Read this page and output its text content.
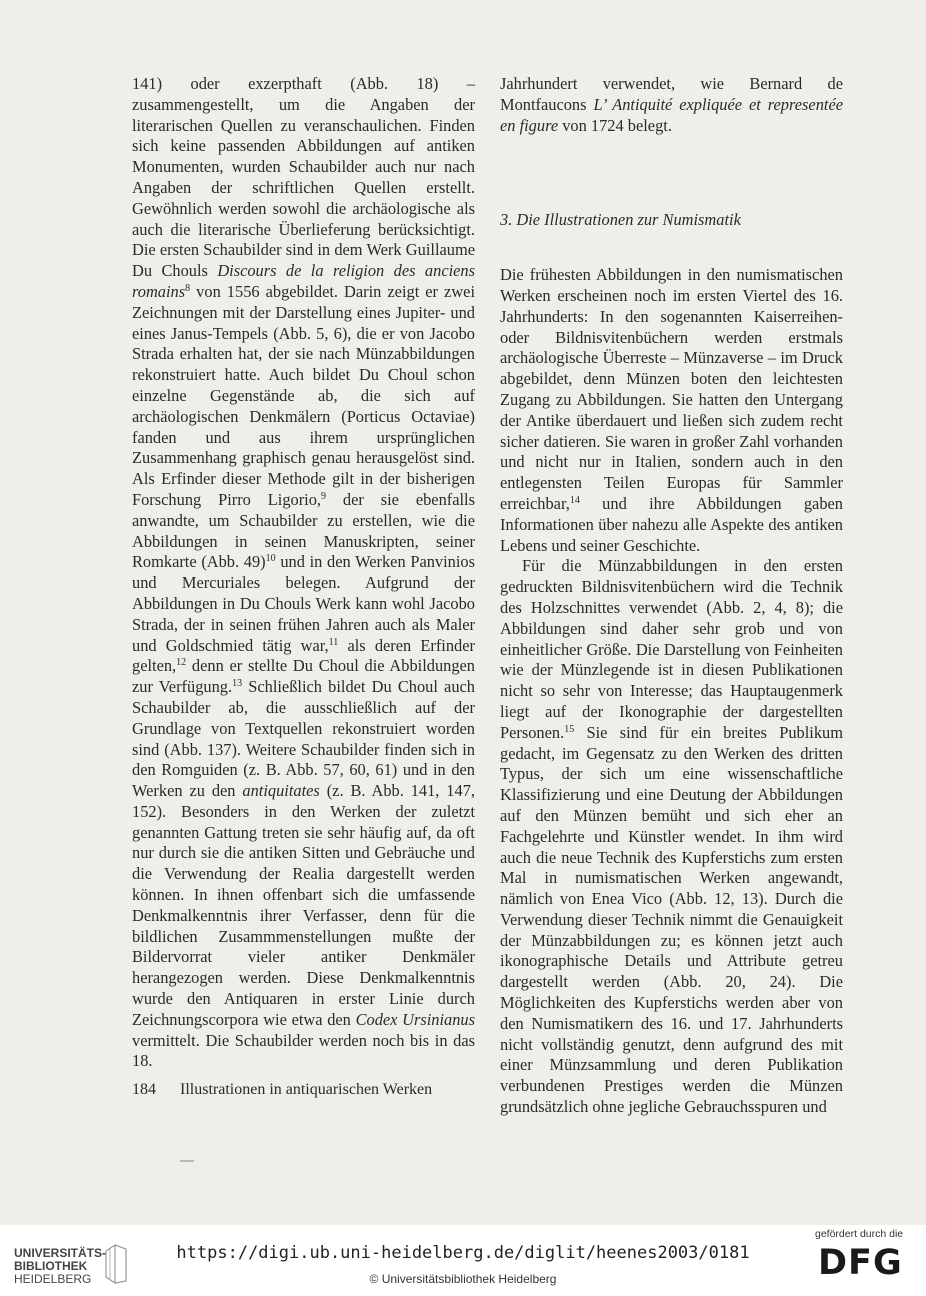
141) oder exzerpthaft (Abb. 18) – zusammengestellt, um die Angaben der literarischen Quellen zu veranschaulichen. Finden sich keine passenden Abbildungen auf antiken Monumenten, wurden Schaubilder auch nur nach Angaben der schriftlichen Quellen erstellt. Gewöhnlich werden sowohl die archäologische als auch die literarische Überlieferung berücksichtigt. Die ersten Schaubilder sind in dem Werk Guillaume Du Chouls Discours de la religion des anciens romains$^8$ von 1556 abgebildet. Darin zeigt er zwei Zeichnungen mit der Darstellung eines Jupiter- und eines Janus-Tempels (Abb. 5, 6), die er von Jacobo Strada erhalten hat, der sie nach Münzabbildungen rekonstruiert hatte. Auch bildet Du Choul schon einzelne Gegenstände ab, die sich auf archäologischen Denkmälern (Porticus Octaviae) fanden und aus ihrem ursprünglichen Zusammenhang graphisch genau herausgelöst sind. Als Erfinder dieser Methode gilt in der bisherigen Forschung Pirro Ligorio,$^9$ der sie ebenfalls anwandte, um Schaubilder zu erstellen, wie die Abbildungen in seinen Manuskripten, seiner Romkarte (Abb. 49)$^{10}$ und in den Werken Panvinios und Mercuriales belegen. Aufgrund der Abbildungen in Du Chouls Werk kann wohl Jacobo Strada, der in seinen frühen Jahren auch als Maler und Goldschmied tätig war,$^{11}$ als deren Erfinder gelten,$^{12}$ denn er stellte Du Choul die Abbildungen zur Verfügung.$^{13}$ Schließlich bildet Du Choul auch Schaubilder ab, die ausschließlich auf der Grundlage von Textquellen rekonstruiert worden sind (Abb. 137). Weitere Schaubilder finden sich in den Romguiden (z. B. Abb. 57, 60, 61) und in den Werken zu den antiquitates (z. B. Abb. 141, 147, 152). Besonders in den Werken der zuletzt genannten Gattung treten sie sehr häufig auf, da oft nur durch sie die antiken Sitten und Gebräuche und die Verwendung der Realia dargestellt werden können. In ihnen offenbart sich die umfassende Denkmalkenntnis ihrer Verfasser, denn für die bildlichen Zusammmenstellungen mußte der Bildervorrat vieler antiker Denkmäler herangezogen werden. Diese Denkmalkenntnis wurde den Antiquaren in erster Linie durch Zeichnungscorpora wie etwa den Codex Ursinianus vermittelt. Die Schaubilder werden noch bis in das 18.

Jahrhundert verwendet, wie Bernard de Montfaucons L’ Antiquité expliquée et representée en figure von 1724 belegt.

3. Die Illustrationen zur Numismatik

Die frühesten Abbildungen in den numismatischen Werken erscheinen noch im ersten Viertel des 16. Jahrhunderts: In den sogenannten Kaiserreihen- oder Bildnisvitenbüchern werden erstmals archäologische Überreste – Münzaverse – im Druck abgebildet, denn Münzen boten den leichtesten Zugang zu Abbildungen. Sie hatten den Untergang der Antike überdauert und ließen sich zudem recht sicher datieren. Sie waren in großer Zahl vorhanden und nicht nur in Italien, sondern auch in den entlegensten Teilen Europas für Sammler erreichbar,$^{14}$ und ihre Abbildungen gaben Informationen über nahezu alle Aspekte des antiken Lebens und seiner Geschichte.

Für die Münzabbildungen in den ersten gedruckten Bildnisvitenbüchern wird die Technik des Holzschnittes verwendet (Abb. 2, 4, 8); die Abbildungen sind daher sehr grob und von einheitlicher Größe. Die Darstellung von Feinheiten wie der Münzlegende ist in diesen Publikationen nicht so sehr von Interesse; das Hauptaugenmerk liegt auf der Ikonographie der dargestellten Personen.$^{15}$ Sie sind für ein breites Publikum gedacht, im Gegensatz zu den Werken des dritten Typus, der sich um eine wissenschaftliche Klassifizierung und eine Deutung der Abbildungen auf den Münzen bemüht und sich eher an Fachgelehrte und Künstler wendet. In ihm wird auch die neue Technik des Kupferstichs zum ersten Mal in numismatischen Werken angewandt, nämlich von Enea Vico (Abb. 12, 13). Durch die Verwendung dieser Technik nimmt die Genauigkeit der Münzabbildungen zu; es können jetzt auch ikonographische Details und Attribute getreu dargestellt werden (Abb. 20, 24). Die Möglichkeiten des Kupferstichs werden aber von den Numismatikern des 16. und 17. Jahrhunderts nicht vollständig genutzt, denn aufgrund des mit einer Münzsammlung und deren Publikation verbundenen Prestiges werden die Münzen grundsätzlich ohne jegliche Gebrauchsspuren und

184 Illustrationen in antiquarischen Werken
UNIVERSITÄTS-
BIBLIOTHEK
HEIDELBERG
https://digi.ub.uni-heidelberg.de/diglit/heenes2003/0181
© Universitätsbibliothek Heidelberg
gefördert durch die
DFG
